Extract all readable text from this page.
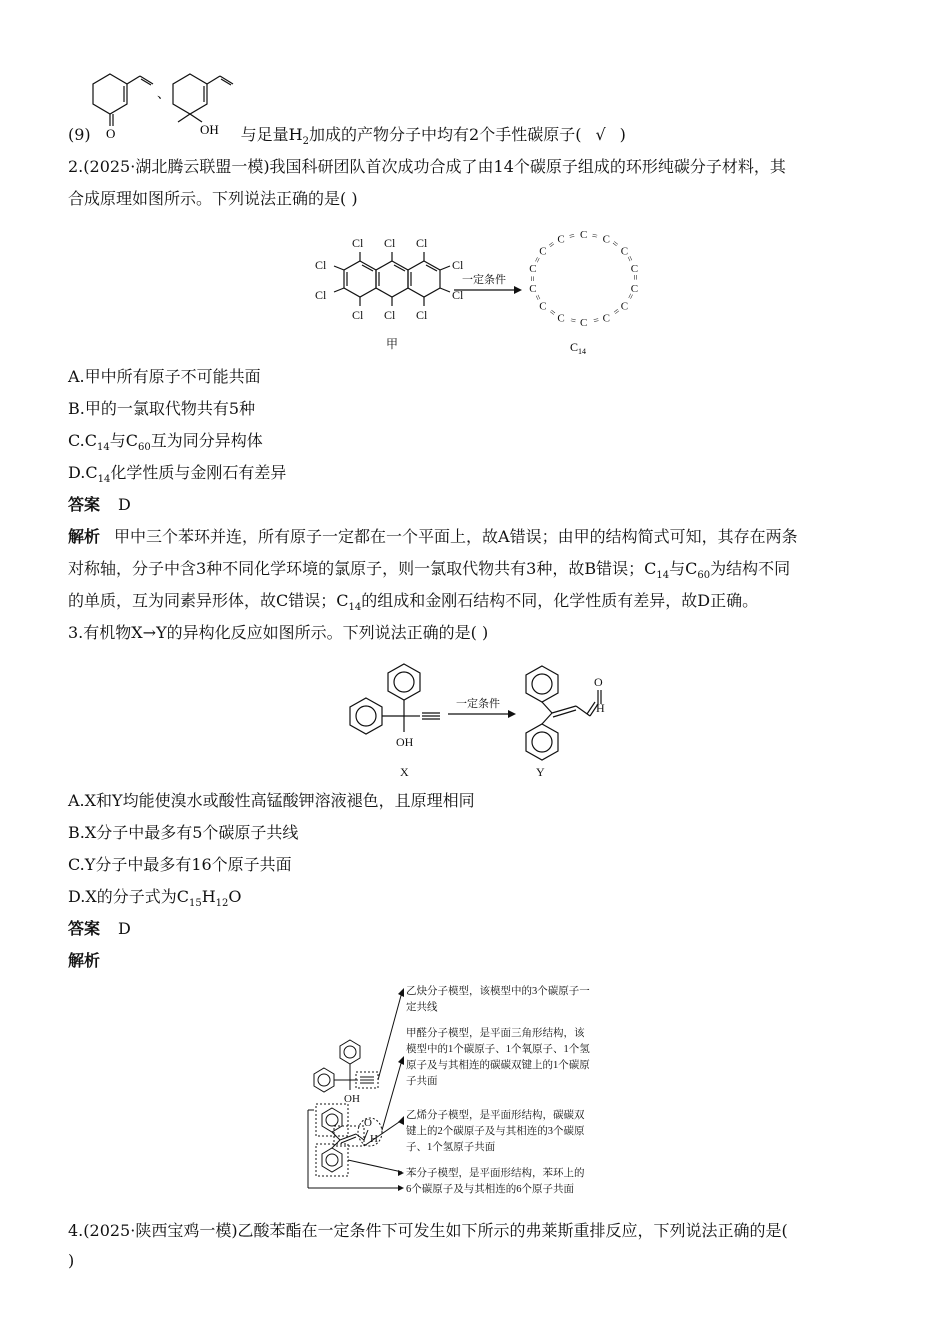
O
、
OH
(9)	与足量$H_2$加成的产物分子中均有2个手性碳原子( √ )
2.(2025·湖北腾云联盟一模)我国科研团队首次成功合成了由14个碳原子组成的环形纯碳分子材料，其
合成原理如图所示。下列说法正确的是( )
Cl Cl Cl
Cl
Cl
Cl
Cl
Cl Cl Cl
甲
一定条件
C = C =
C
=
C
=
C
=
C
=
C
=
C
=
C
=
C
=
C
=
C
=
C
= C =
$C_{14}$
A.甲中所有原子不可能共面
B.甲的一氯取代物共有5种
$C.C_{14}$与$C_{60}$互为同分异构体
$D.C_{14}$化学性质与金刚石有差异
答案 D
解析 甲中三个苯环并连，所有原子一定都在一个平面上，故A错误；由甲的结构简式可知，其存在两条
对称轴，分子中含3种不同化学环境的氯原子，则一氯取代物共有3种，故B错误；$C_{14}$与$C_{60}$为结构不同
的单质，互为同素异形体，故C错误；$C_{14}$的组成和金刚石结构不同，化学性质有差异，故D正确。
3.有机物X→Y的异构化反应如图所示。下列说法正确的是( )
OH
X
一定条件
O
H
Y
A.X和Y均能使溴水或酸性高锰酸钾溶液褪色，且原理相同
B.X分子中最多有5个碳原子共线
C.Y分子中最多有16个原子共面
D.X的分子式为$C_{15}H_{12}O$
答案 D
解析
OH
O
H
乙炔分子模型，该模型中的3个碳原子一
定共线
甲醛分子模型，是平面三角形结构，该
模型中的1个碳原子、1个氧原子、1个氢
原子及与其相连的碳碳双键上的1个碳原
子共面
乙烯分子模型，是平面形结构，碳碳双
键上的2个碳原子及与其相连的3个碳原
子、1个氢原子共面
苯分子模型，是平面形结构，苯环上的
6个碳原子及与其相连的6个原子共面
4.(2025·陕西宝鸡一模)乙酸苯酯在一定条件下可发生如下所示的弗莱斯重排反应，下列说法正确的是(
)
